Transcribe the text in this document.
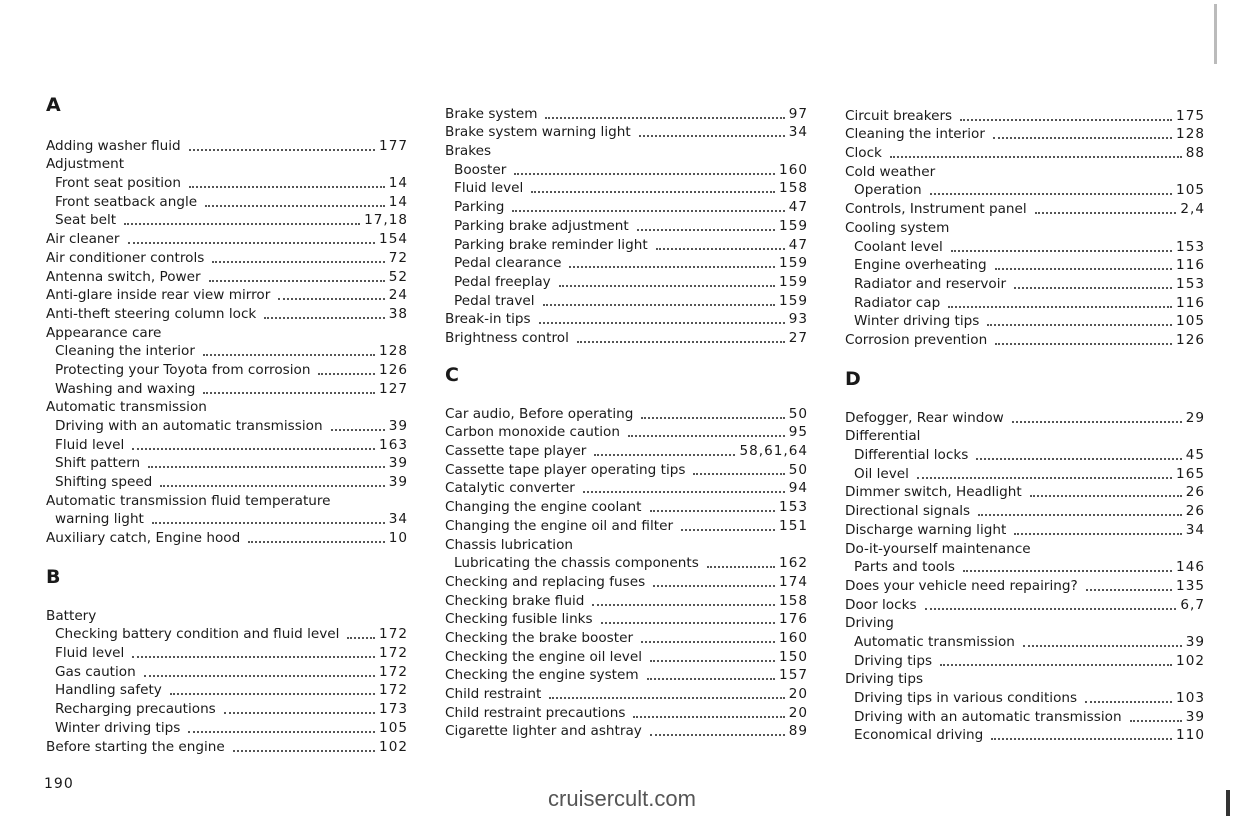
A
Adding washer fluid	177
Adjustment
Front seat position	14
Front seatback angle	14
Seat belt	17,18
Air cleaner	154
Air conditioner controls	72
Antenna switch, Power	52
Anti-glare inside rear view mirror	24
Anti-theft steering column lock	38
Appearance care
Cleaning the interior	128
Protecting your Toyota from corrosion	126
Washing and waxing	127
Automatic transmission
Driving with an automatic transmission	39
Fluid level	163
Shift pattern	39
Shifting speed	39
Automatic transmission fluid temperature
warning light	34
Auxiliary catch, Engine hood	10
B
Battery
Checking battery condition and fluid level	172
Fluid level	172
Gas caution	172
Handling safety	172
Recharging precautions	173
Winter driving tips	105
Before starting the engine	102
Brake system	97
Brake system warning light	34
Brakes
Booster	160
Fluid level	158
Parking	47
Parking brake adjustment	159
Parking brake reminder light	47
Pedal clearance	159
Pedal freeplay	159
Pedal travel	159
Break-in tips	93
Brightness control	27
C
Car audio, Before operating	50
Carbon monoxide caution	95
Cassette tape player	58,61,64
Cassette tape player operating tips	50
Catalytic converter	94
Changing the engine coolant	153
Changing the engine oil and filter	151
Chassis lubrication
Lubricating the chassis components	162
Checking and replacing fuses	174
Checking brake fluid	158
Checking fusible links	176
Checking the brake booster	160
Checking the engine oil level	150
Checking the engine system	157
Child restraint	20
Child restraint precautions	20
Cigarette lighter and ashtray	89
Circuit breakers	175
Cleaning the interior	128
Clock	88
Cold weather
Operation	105
Controls, Instrument panel	2,4
Cooling system
Coolant level	153
Engine overheating	116
Radiator and reservoir	153
Radiator cap	116
Winter driving tips	105
Corrosion prevention	126
D
Defogger, Rear window	29
Differential
Differential locks	45
Oil level	165
Dimmer switch, Headlight	26
Directional signals	26
Discharge warning light	34
Do-it-yourself maintenance
Parts and tools	146
Does your vehicle need repairing?	135
Door locks	6,7
Driving
Automatic transmission	39
Driving tips	102
Driving tips
Driving tips in various conditions	103
Driving with an automatic transmission	39
Economical driving	110
190
cruisercult.com
